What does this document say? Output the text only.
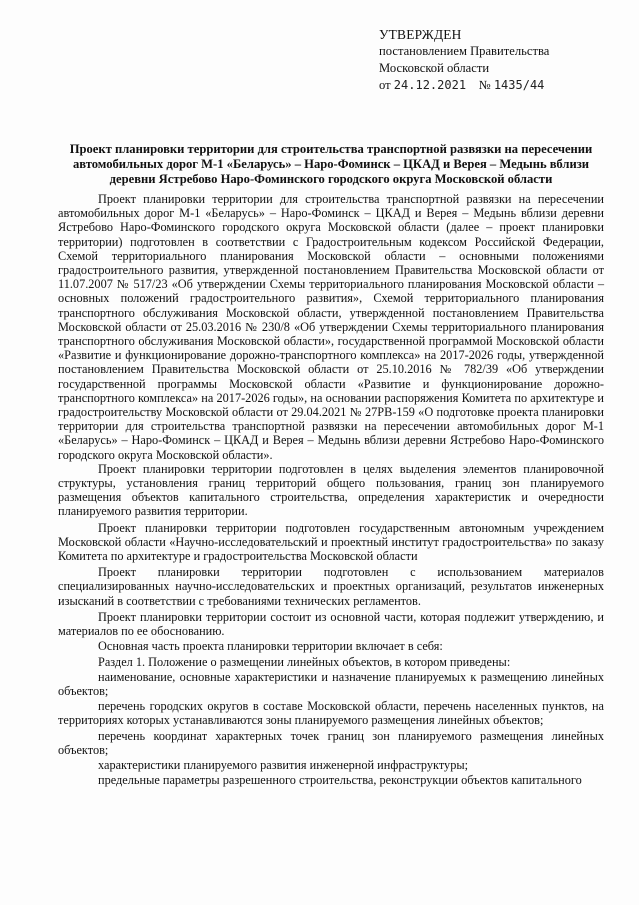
УТВЕРЖДЕН
постановлением Правительства
Московской области
от 24.12.2021 № 1435/44
Проект планировки территории для строительства транспортной развязки на пересечении автомобильных дорог М-1 «Беларусь» – Наро-Фоминск – ЦКАД и Верея – Медынь вблизи деревни Ястребово Наро-Фоминского городского округа Московской области

Проект планировки территории для строительства транспортной развязки на пересечении автомобильных дорог М-1 «Беларусь» – Наро-Фоминск – ЦКАД и Верея – Медынь вблизи деревни Ястребово Наро-Фоминского городского округа Московской области (далее – проект планировки территории) подготовлен в соответствии с Градостроительным кодексом Российской Федерации, Схемой территориального планирования Московской области – основными положениями градостроительного развития, утвержденной постановлением Правительства Московской области от 11.07.2007 № 517/23 «Об утверждении Схемы территориального планирования Московской области – основных положений градостроительного развития», Схемой территориального планирования транспортного обслуживания Московской области, утвержденной постановлением Правительства Московской области от 25.03.2016 № 230/8 «Об утверждении Схемы территориального планирования транспортного обслуживания Московской области», государственной программой Московской области «Развитие и функционирование дорожно-транспортного комплекса» на 2017-2026 годы, утвержденной постановлением Правительства Московской области от 25.10.2016 № 782/39 «Об утверждении государственной программы Московской области «Развитие и функционирование дорожно-транспортного комплекса» на 2017-2026 годы», на основании распоряжения Комитета по архитектуре и градостроительству Московской области от 29.04.2021 № 27РВ-159 «О подготовке проекта планировки территории для строительства транспортной развязки на пересечении автомобильных дорог М-1 «Беларусь» – Наро-Фоминск – ЦКАД и Верея – Медынь вблизи деревни Ястребово Наро-Фоминского городского округа Московской области».

Проект планировки территории подготовлен в целях выделения элементов планировочной структуры, установления границ территорий общего пользования, границ зон планируемого размещения объектов капитального строительства, определения характеристик и очередности планируемого развития территории.

Проект планировки территории подготовлен государственным автономным учреждением Московской области «Научно-исследовательский и проектный институт градостроительства» по заказу Комитета по архитектуре и градостроительства Московской области

Проект планировки территории подготовлен с использованием материалов специализированных научно-исследовательских и проектных организаций, результатов инженерных изысканий в соответствии с требованиями технических регламентов.

Проект планировки территории состоит из основной части, которая подлежит утверждению, и материалов по ее обоснованию.

Основная часть проекта планировки территории включает в себя:

Раздел 1. Положение о размещении линейных объектов, в котором приведены:

наименование, основные характеристики и назначение планируемых к размещению линейных объектов;

перечень городских округов в составе Московской области, перечень населенных пунктов, на территориях которых устанавливаются зоны планируемого размещения линейных объектов;

перечень координат характерных точек границ зон планируемого размещения линейных объектов;

характеристики планируемого развития инженерной инфраструктуры;

предельные параметры разрешенного строительства, реконструкции объектов капитального
